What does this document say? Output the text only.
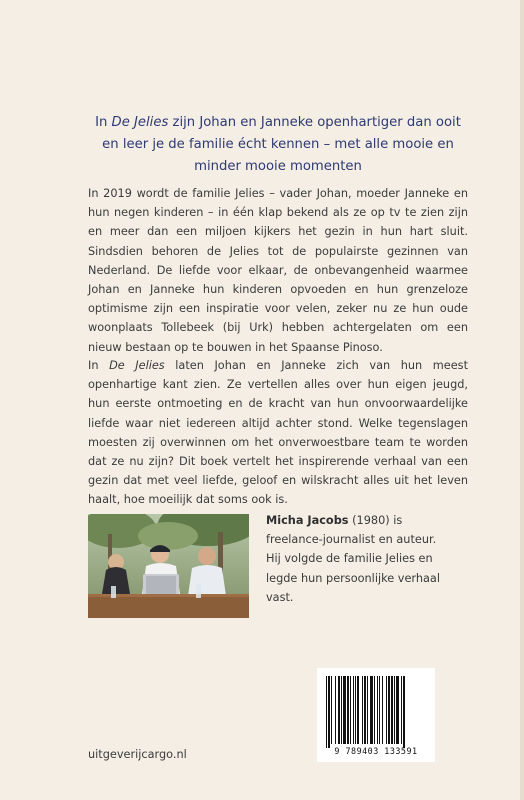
In De Jelies zijn Johan en Janneke openhartiger dan ooit en leer je de familie écht kennen – met alle mooie en minder mooie momenten

In 2019 wordt de familie Jelies – vader Johan, moeder Janneke en hun negen kinderen – in één klap bekend als ze op tv te zien zijn en meer dan een miljoen kijkers het gezin in hun hart sluit. Sindsdien behoren de Jelies tot de populairste gezinnen van Nederland. De liefde voor elkaar, de onbevangenheid waarmee Johan en Janneke hun kinderen opvoeden en hun grenzeloze optimisme zijn een inspiratie voor velen, zeker nu ze hun oude woonplaats Tollebeek (bij Urk) hebben achtergelaten om een nieuw bestaan op te bouwen in het Spaanse Pinoso.

In De Jelies laten Johan en Janneke zich van hun meest openhartige kant zien. Ze vertellen alles over hun eigen jeugd, hun eerste ontmoeting en de kracht van hun onvoorwaardelijke liefde waar niet iedereen altijd achter stond. Welke tegenslagen moesten zij overwinnen om het onverwoestbare team te worden dat ze nu zijn? Dit boek vertelt het inspirerende verhaal van een gezin dat met veel liefde, geloof en wilskracht alles uit het leven haalt, hoe moeilijk dat soms ook is.

Micha Jacobs (1980) is freelance-journalist en auteur. Hij volgde de familie Jelies en legde hun persoonlijke verhaal vast.

9 789403 133591
uitgeverijcargo.nl
